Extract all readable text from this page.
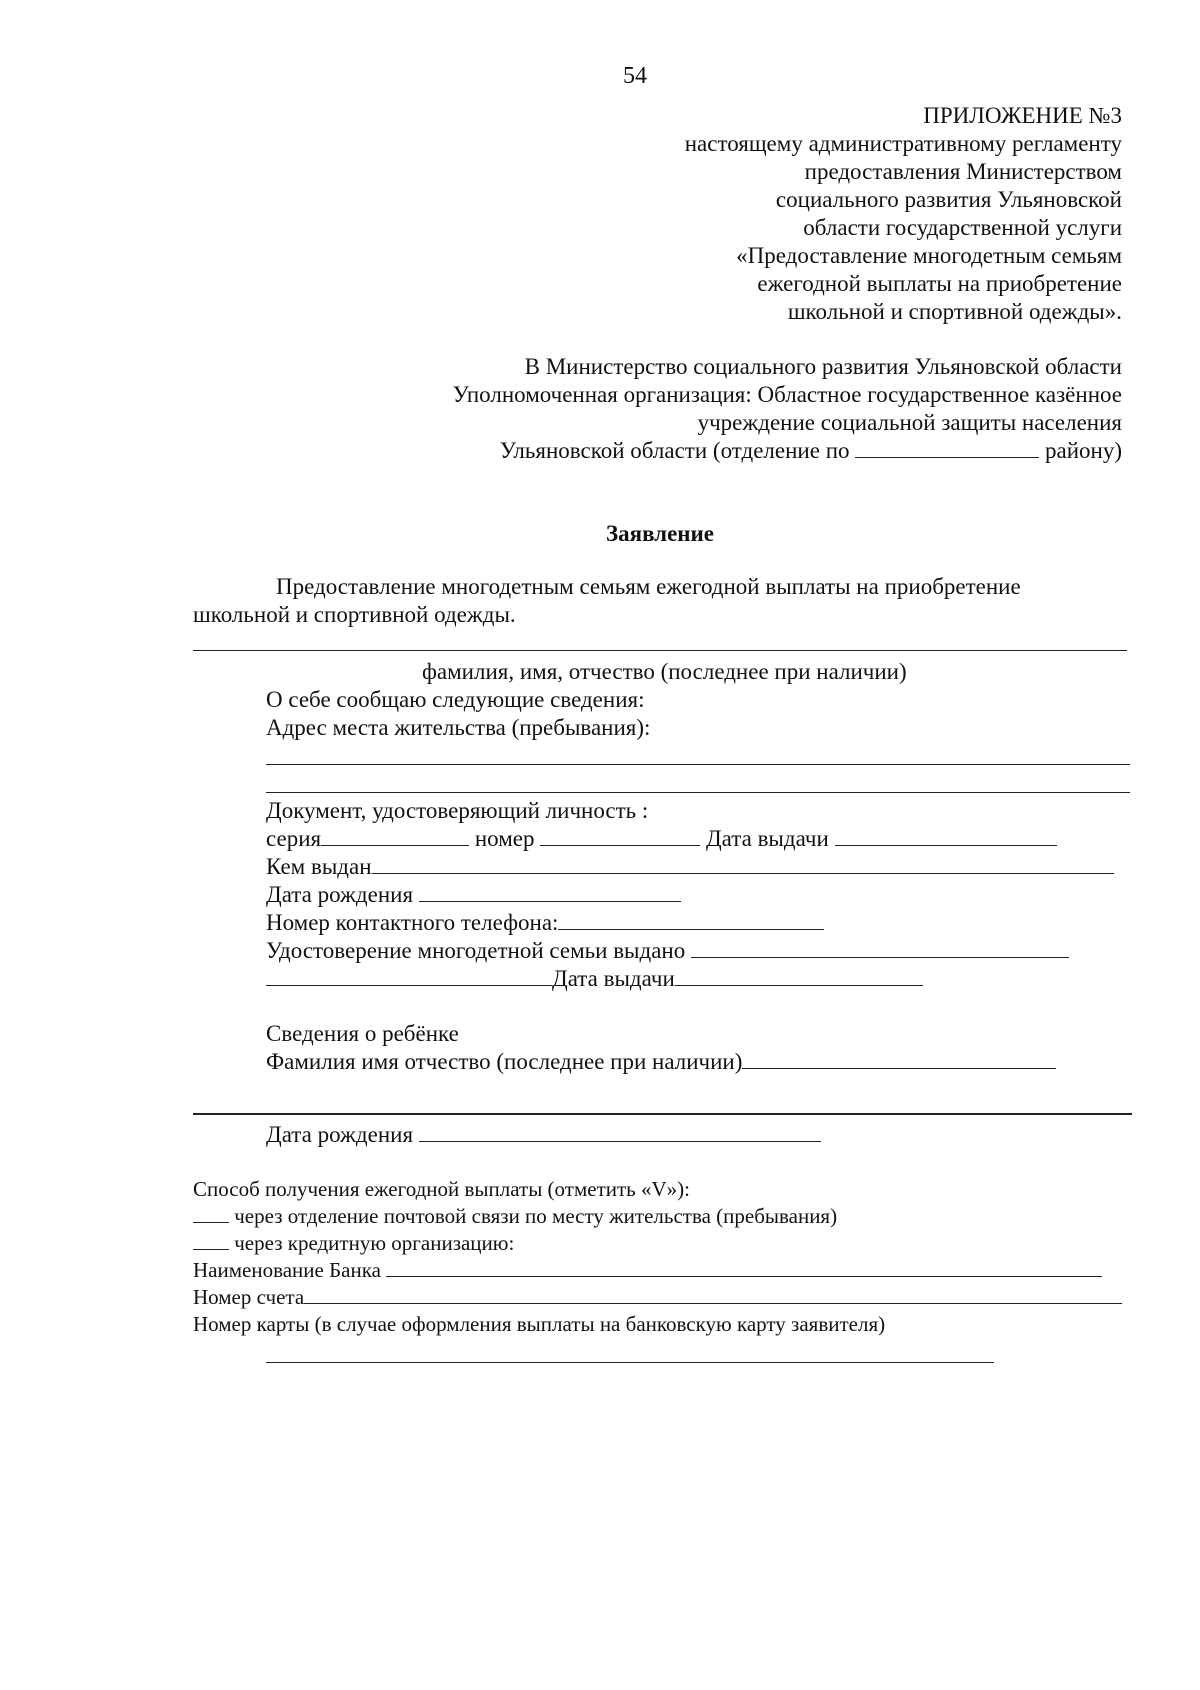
54
ПРИЛОЖЕНИЕ №3
настоящему административному регламенту
предоставления Министерством
социального развития Ульяновской
области государственной услуги
«Предоставление многодетным семьям
ежегодной выплаты на приобретение
школьной и спортивной одежды».
В Министерство социального развития Ульяновской области
Уполномоченная организация: Областное государственное казённое
учреждение социальной защиты населения
Ульяновской области (отделение по	району)
Заявление
Предоставление многодетным семьям ежегодной выплаты на приобретение
школьной и спортивной одежды.
фамилия, имя, отчество (последнее при наличии)
О себе сообщаю следующие сведения:
Адрес места жительства (пребывания):
Документ, удостоверяющий личность :
серия	номер	Дата выдачи
Кем выдан
Дата рождения
Номер контактного телефона:
Удостоверение многодетной семьи выдано
Дата выдачи
Сведения о ребёнке
Фамилия имя отчество (последнее при наличии)
Дата рождения
Способ получения ежегодной выплаты (отметить «V»):
через отделение почтовой связи по месту жительства (пребывания)
через кредитную организацию:
Наименование Банка
Номер счета
Номер карты (в случае оформления выплаты на банковскую карту заявителя)
